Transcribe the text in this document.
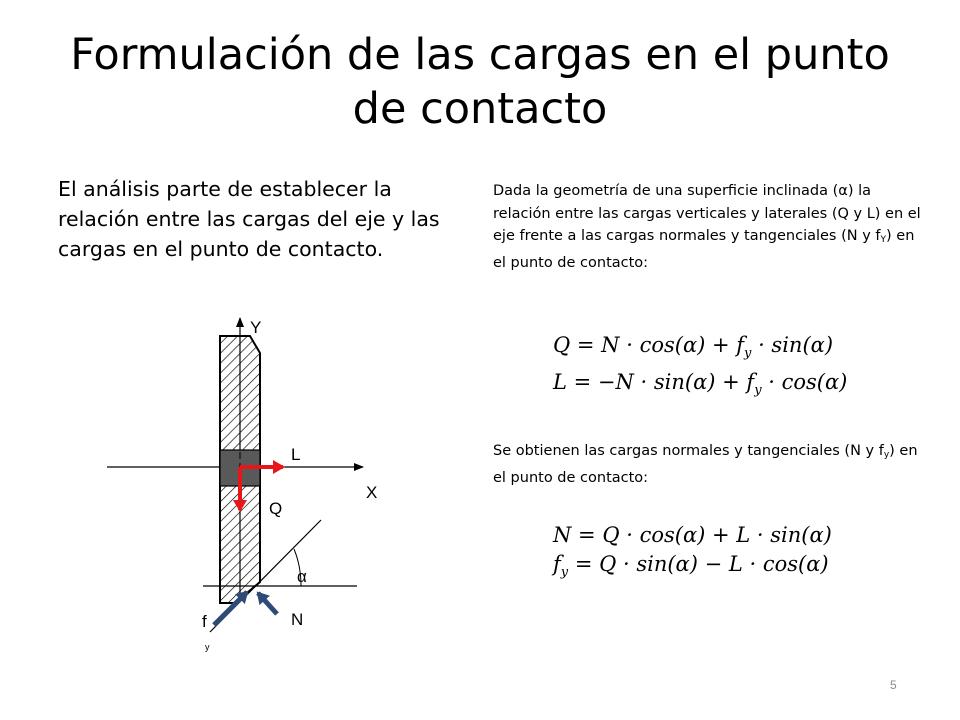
Formulación de las cargas en el punto de contacto
El análisis parte de establecer la relación entre las cargas del eje y las cargas en el punto de contacto.
Dada la geometría de una superficie inclinada (α) la relación entre las cargas verticales y laterales (Q y L) en el eje frente a las cargas normales y tangenciales (N y $f_Y$) en el punto de contacto:
$Q = N \cdot \cos(\alpha) + f_y \cdot \sin(\alpha)$
$L = -N \cdot \sin(\alpha) + f_y \cdot \cos(\alpha)$
Se obtienen las cargas normales y tangenciales (N y $f_y$) en el punto de contacto:
N = Q · cos(α) + L · sin(α)
$f_y = Q \cdot \sin(\alpha) - L \cdot \cos(\alpha)$
Y
X
L
Q
α
N
f
y
5
